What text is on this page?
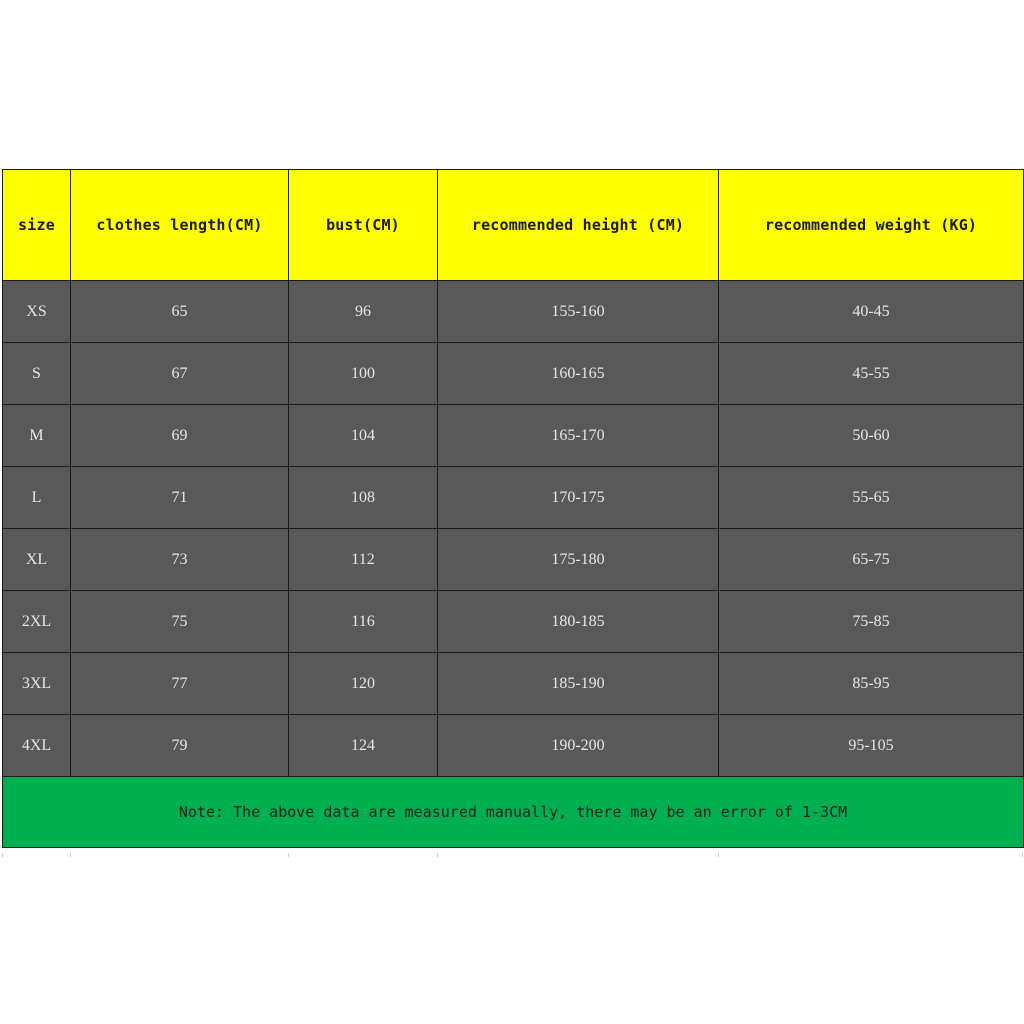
size	clothes length(CM)	bust(CM)	recommended height (CM)	recommended weight (KG)
XS	65	96	155-160	40-45
S	67	100	160-165	45-55
M	69	104	165-170	50-60
L	71	108	170-175	55-65
XL	73	112	175-180	65-75
2XL	75	116	180-185	75-85
3XL	77	120	185-190	85-95
4XL	79	124	190-200	95-105
Note: The above data are measured manually, there may be an error of 1-3CM				
